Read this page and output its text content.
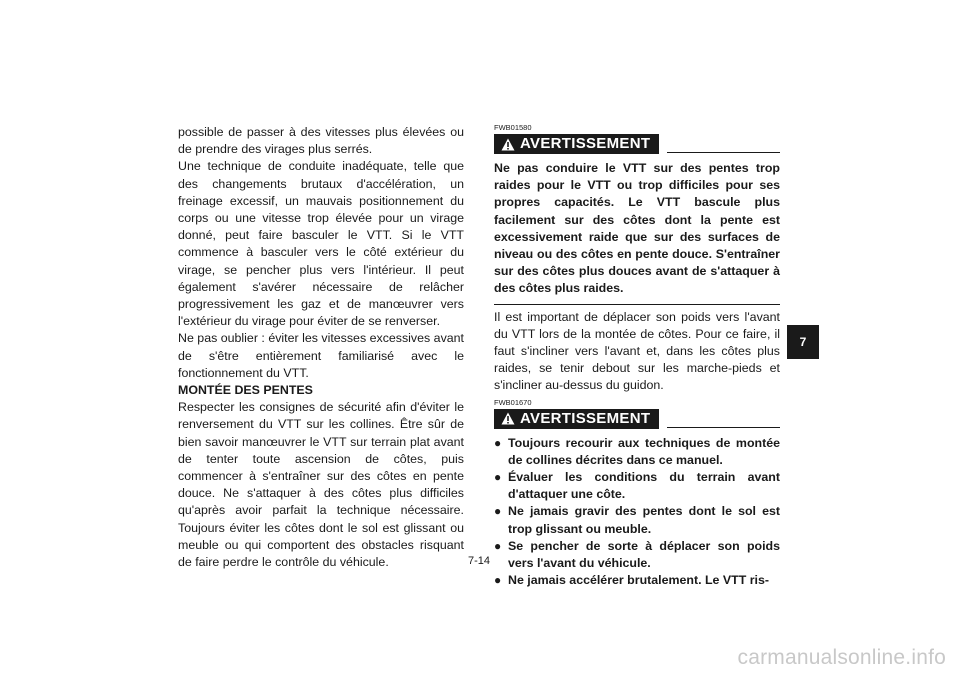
possible de passer à des vitesses plus élevées ou de prendre des virages plus serrés.

Une technique de conduite inadéquate, telle que des changements brutaux d'accélération, un freinage excessif, un mauvais positionnement du corps ou une vitesse trop élevée pour un virage donné, peut faire basculer le VTT. Si le VTT commence à basculer vers le côté extérieur du virage, se pencher plus vers l'intérieur. Il peut également s'avérer nécessaire de relâcher progressivement les gaz et de manœuvrer vers l'extérieur du virage pour éviter de se renverser.

Ne pas oublier : éviter les vitesses excessives avant de s'être entièrement familiarisé avec le fonctionnement du VTT.

MONTÉE DES PENTES

Respecter les consignes de sécurité afin d'éviter le renversement du VTT sur les collines. Être sûr de bien savoir manœuvrer le VTT sur terrain plat avant de tenter toute ascension de côtes, puis commencer à s'entraîner sur des côtes en pente douce. Ne s'attaquer à des côtes plus difficiles qu'après avoir parfait la technique nécessaire. Toujours éviter les côtes dont le sol est glissant ou meuble ou qui comportent des obstacles risquant de faire perdre le contrôle du véhicule.

FWB01580

AVERTISSEMENT

Ne pas conduire le VTT sur des pentes trop raides pour le VTT ou trop difficiles pour ses propres capacités. Le VTT bascule plus facilement sur des côtes dont la pente est excessivement raide que sur des surfaces de niveau ou des côtes en pente douce. S'entraîner sur des côtes plus douces avant de s'attaquer à des côtes plus raides.

Il est important de déplacer son poids vers l'avant du VTT lors de la montée de côtes. Pour ce faire, il faut s'incliner vers l'avant et, dans les côtes plus raides, se tenir debout sur les marche-pieds et s'incliner au-dessus du guidon.

FWB01670

AVERTISSEMENT
● Toujours recourir aux techniques de montée de collines décrites dans ce manuel.
● Évaluer les conditions du terrain avant d'attaquer une côte.
● Ne jamais gravir des pentes dont le sol est trop glissant ou meuble.
● Se pencher de sorte à déplacer son poids vers l'avant du véhicule.
● Ne jamais accélérer brutalement. Le VTT ris-
7-14
7
carmanualsonline.info
